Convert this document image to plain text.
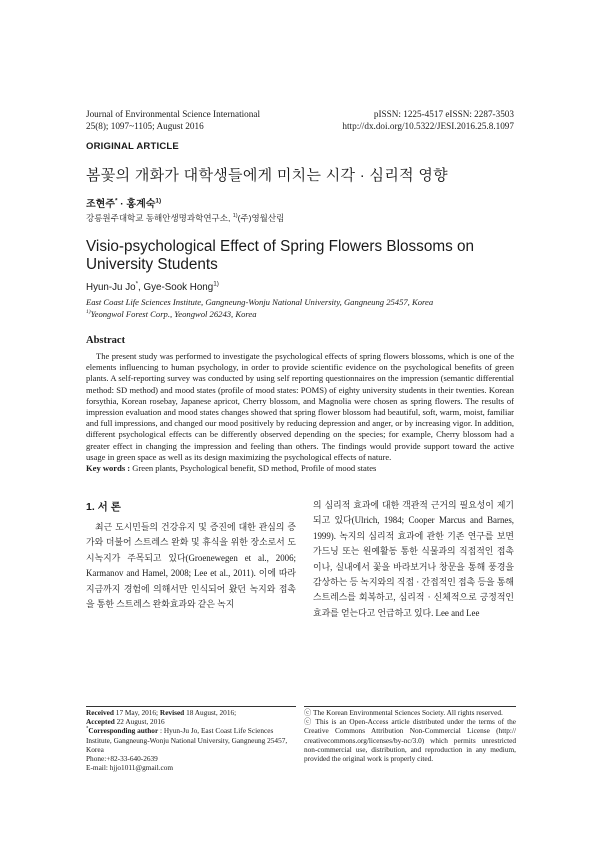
Journal of Environmental Science International
25(8); 1097~1105; August 2016
pISSN: 1225-4517 eISSN: 2287-3503
http://dx.doi.org/10.5322/JESI.2016.25.8.1097
ORIGINAL ARTICLE
봄꽃의 개화가 대학생들에게 미치는 시각 · 심리적 영향
조현주* · 홍계숙$^{1)}$
강릉원주대학교 동해안생명과학연구소, $^{1)}$(주)영월산림
Visio-psychological Effect of Spring Flowers Blossoms on University Students
Hyun-Ju Jo*, Gye-Sook Hong$^{1)}$
East Coast Life Sciences Institute, Gangneung-Wonju National University, Gangneung 25457, Korea
$^{1)}$Yeongwol Forest Corp., Yeongwol 26243, Korea
Abstract

The present study was performed to investigate the psychological effects of spring flowers blossoms, which is one of the elements influencing to human psychology, in order to provide scientific evidence on the psychological benefits of green plants. A self-reporting survey was conducted by using self reporting questionnaires on the impression (semantic differential method: SD method) and mood states (profile of mood states: POMS) of eighty university students in their twenties. Korean forsythia, Korean rosebay, Japanese apricot, Cherry blossom, and Magnolia were chosen as spring flowers. The results of impression evaluation and mood states changes showed that spring flower blossom had beautiful, soft, warm, moist, familiar and full impressions, and changed our mood positively by reducing depression and anger, or by increasing vigor. In addition, different psychological effects can be differently observed depending on the species; for example, Cherry blossom had a greater effect in changing the impression and feeling than others. The findings would provide support toward the active usage in green space as well as its design maximizing the psychological effects of nature.

Key words : Green plants, Psychological benefit, SD method, Profile of mood states
1. 서 론

최근 도시민들의 건강유지 및 증진에 대한 관심의 증가와 더불어 스트레스 완화 및 휴식을 위한 장소로서 도시녹지가 주목되고 있다(Groenewegen et al., 2006; Karmanov and Hamel, 2008; Lee et al., 2011). 이에 따라 지금까지 경험에 의해서만 인식되어 왔던 녹지와 접촉을 통한 스트레스 완화효과와 같은 녹지

의 심리적 효과에 대한 객관적 근거의 필요성이 제기되고 있다(Ulrich, 1984; Cooper Marcus and Barnes, 1999). 녹지의 심리적 효과에 관한 기존 연구를 보면 가드닝 또는 원예활동 통한 식물과의 직접적인 접촉이나, 실내에서 꽃을 바라보거나 창문을 통해 풍경을 감상하는 등 녹지와의 직접 · 간접적인 접촉 등을 통해 스트레스를 회복하고, 심리적 · 신체적으로 긍정적인 효과를 얻는다고 언급하고 있다. Lee and Lee

Received 17 May, 2016; Revised 18 August, 2016;
Accepted 22 August, 2016
*Corresponding author : Hyun-Ju Jo, East Coast Life Sciences Institute, Gangneung-Wonju National University, Gangneung 25457, Korea
Phone:+82-33-640-2639
E-mail: hjjo1011@gmail.com
ⓒ The Korean Environmental Sciences Society. All rights reserved.
ⓒ This is an Open-Access article distributed under the terms of the Creative Commons Attribution Non-Commercial License (http:// creativecommons.org/licenses/by-nc/3.0) which permits unrestricted non-commercial use, distribution, and reproduction in any medium, provided the original work is properly cited.
